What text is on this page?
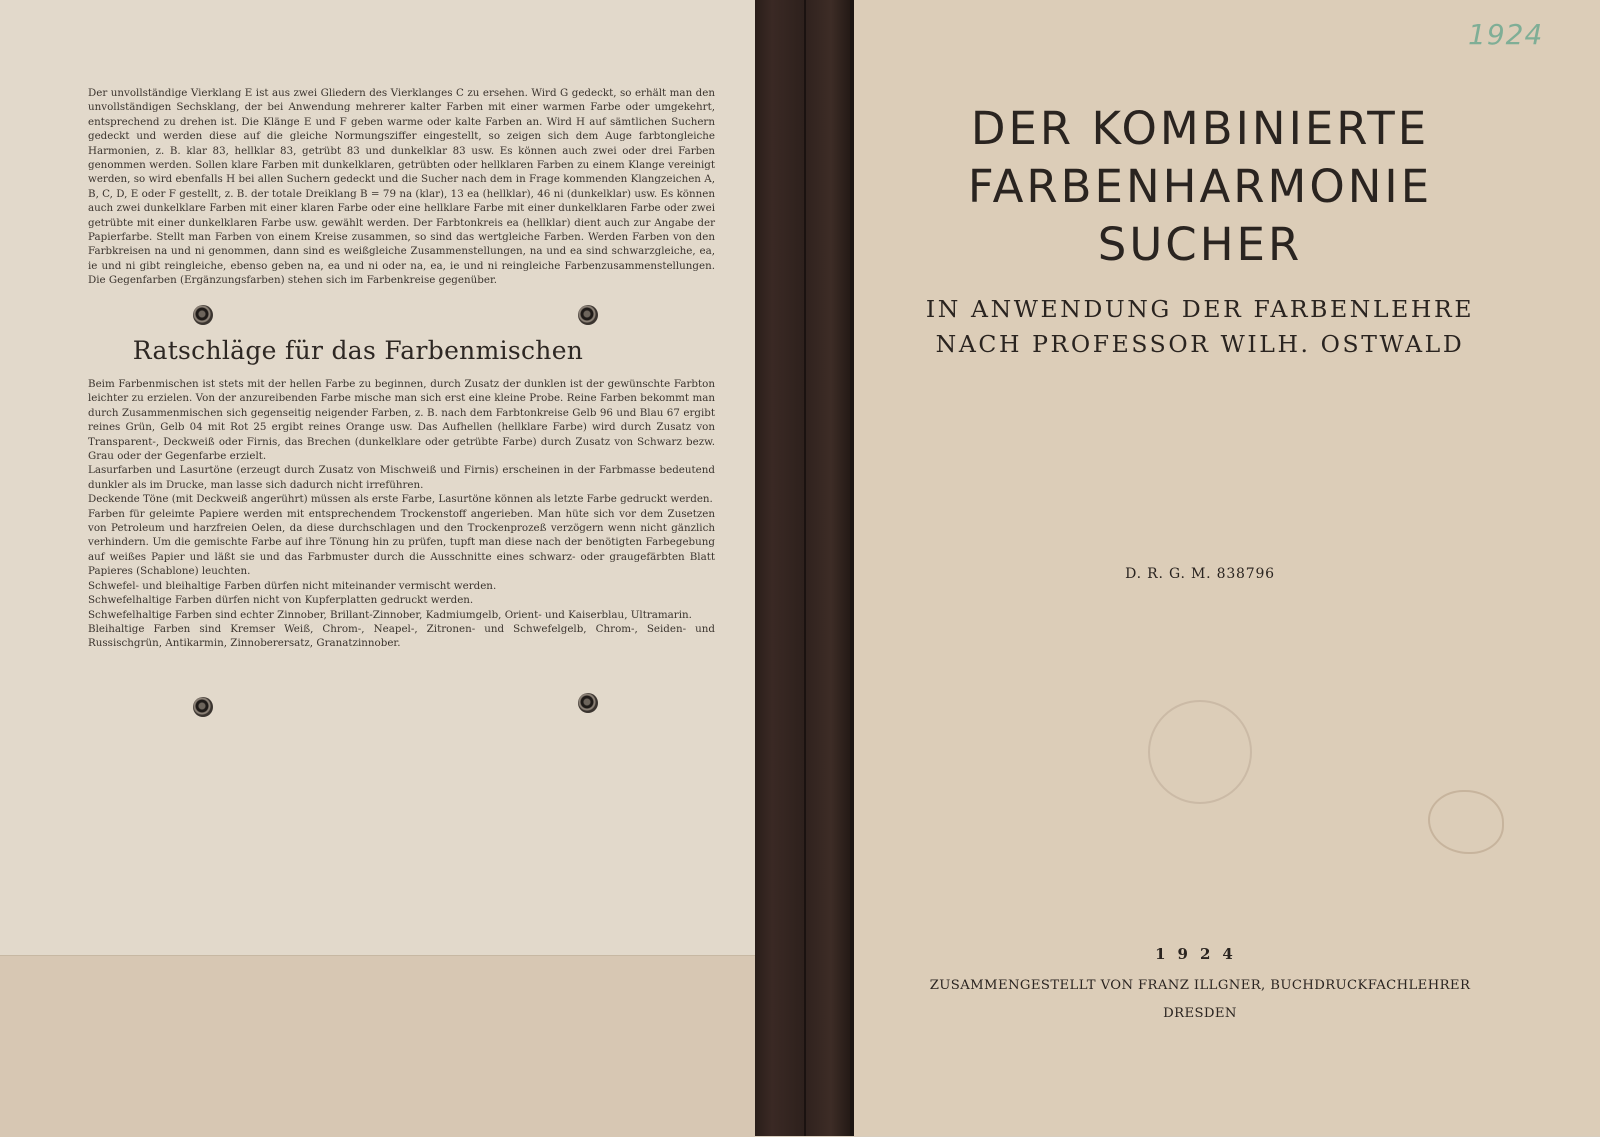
Der unvollständige Vierklang E ist aus zwei Gliedern des Vierklanges C zu ersehen. Wird G gedeckt, so erhält man den unvollständigen Sechsklang, der bei Anwendung mehrerer kalter Farben mit einer warmen Farbe oder umgekehrt, entsprechend zu drehen ist. Die Klänge E und F geben warme oder kalte Farben an. Wird H auf sämtlichen Suchern gedeckt und werden diese auf die gleiche Normungsziffer eingestellt, so zeigen sich dem Auge farbtongleiche Harmonien, z. B. klar 83, hellklar 83, getrübt 83 und dunkelklar 83 usw. Es können auch zwei oder drei Farben genommen werden. Sollen klare Farben mit dunkelklaren, getrübten oder hellklaren Farben zu einem Klange vereinigt werden, so wird ebenfalls H bei allen Suchern gedeckt und die Sucher nach dem in Frage kommenden Klangzeichen A, B, C, D, E oder F gestellt, z. B. der totale Dreiklang B = 79 na (klar), 13 ea (hellklar), 46 ni (dunkelklar) usw. Es können auch zwei dunkelklare Farben mit einer klaren Farbe oder eine hellklare Farbe mit einer dunkelklaren Farbe oder zwei getrübte mit einer dunkelklaren Farbe usw. gewählt werden. Der Farbtonkreis ea (hellklar) dient auch zur Angabe der Papierfarbe. Stellt man Farben von einem Kreise zusammen, so sind das wertgleiche Farben. Werden Farben von den Farbkreisen na und ni genommen, dann sind es weißgleiche Zusammenstellungen, na und ea sind schwarzgleiche, ea, ie und ni gibt reingleiche, ebenso geben na, ea und ni oder na, ea, ie und ni reingleiche Farbenzusammenstellungen. Die Gegenfarben (Ergänzungsfarben) stehen sich im Farbenkreise gegenüber.

Ratschläge für das Farbenmischen

Beim Farbenmischen ist stets mit der hellen Farbe zu beginnen, durch Zusatz der dunklen ist der gewünschte Farbton leichter zu erzielen. Von der anzureibenden Farbe mische man sich erst eine kleine Probe. Reine Farben bekommt man durch Zusammenmischen sich gegenseitig neigender Farben, z. B. nach dem Farbtonkreise Gelb 96 und Blau 67 ergibt reines Grün, Gelb 04 mit Rot 25 ergibt reines Orange usw. Das Aufhellen (hellklare Farbe) wird durch Zusatz von Transparent-, Deckweiß oder Firnis, das Brechen (dunkelklare oder getrübte Farbe) durch Zusatz von Schwarz bezw. Grau oder der Gegenfarbe erzielt.

Lasurfarben und Lasurtöne (erzeugt durch Zusatz von Mischweiß und Firnis) erscheinen in der Farbmasse bedeutend dunkler als im Drucke, man lasse sich dadurch nicht irreführen.

Deckende Töne (mit Deckweiß angerührt) müssen als erste Farbe, Lasurtöne können als letzte Farbe gedruckt werden.

Farben für geleimte Papiere werden mit entsprechendem Trockenstoff angerieben. Man hüte sich vor dem Zusetzen von Petroleum und harzfreien Oelen, da diese durchschlagen und den Trockenprozeß verzögern wenn nicht gänzlich verhindern. Um die gemischte Farbe auf ihre Tönung hin zu prüfen, tupft man diese nach der benötigten Farbegebung auf weißes Papier und läßt sie und das Farbmuster durch die Ausschnitte eines schwarz- oder graugefärbten Blatt Papieres (Schablone) leuchten.

Schwefel- und bleihaltige Farben dürfen nicht miteinander vermischt werden.

Schwefelhaltige Farben dürfen nicht von Kupferplatten gedruckt werden.

Schwefelhaltige Farben sind echter Zinnober, Brillant-Zinnober, Kadmiumgelb, Orient- und Kaiserblau, Ultramarin.

Bleihaltige Farben sind Kremser Weiß, Chrom-, Neapel-, Zitronen- und Schwefelgelb, Chrom-, Seiden- und Russischgrün, Antikarmin, Zinnoberersatz, Granatzinnober.

1924
DER KOMBINIERTE
FARBENHARMONIE
SUCHER
IN ANWENDUNG DER FARBENLEHRE
NACH PROFESSOR WILH. OSTWALD
D. R. G. M. 838796
1924
ZUSAMMENGESTELLT VON FRANZ ILLGNER, BUCHDRUCKFACHLEHRER
DRESDEN
